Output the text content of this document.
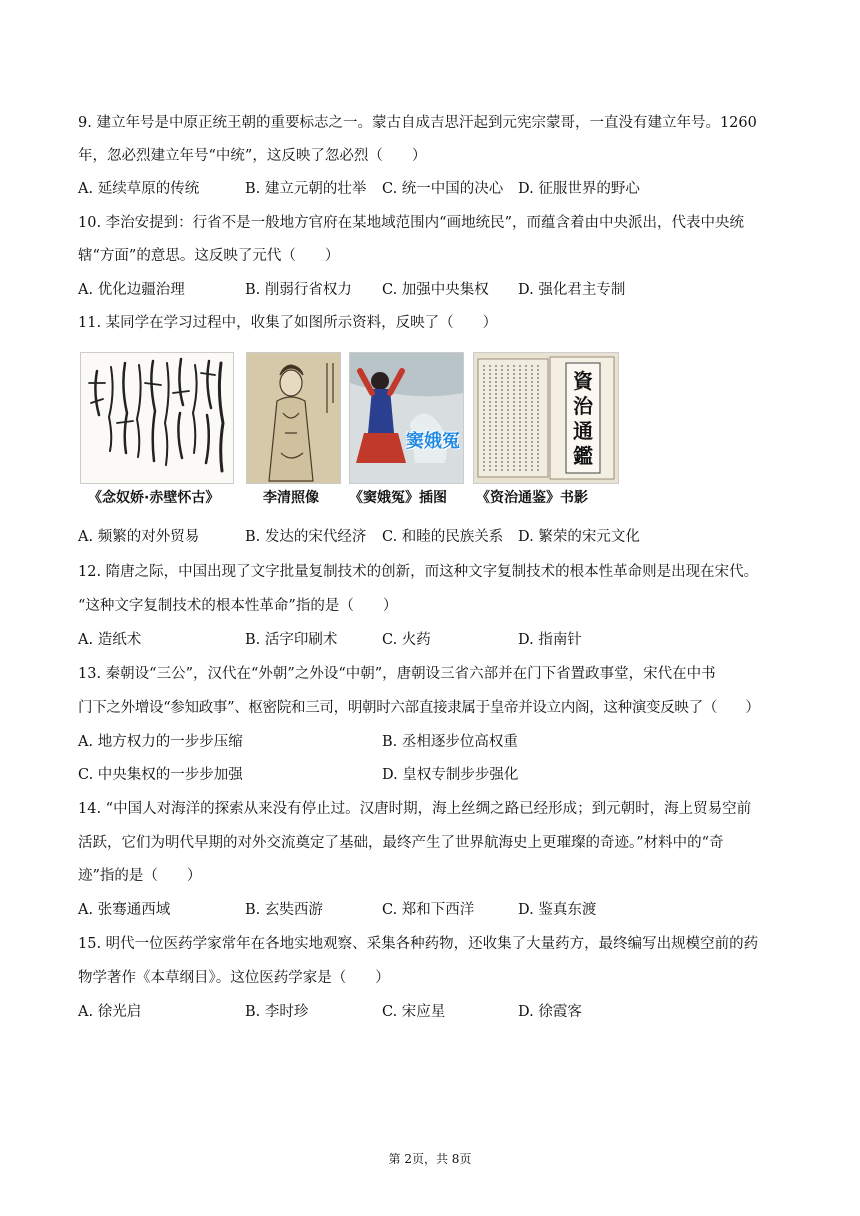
9. 建立年号是中原正统王朝的重要标志之一。蒙古自成吉思汗起到元宪宗蒙哥，一直没有建立年号。1260
年，忽必烈建立年号“中统”，这反映了忽必烈（　　）
A. 延续草原的传统	B. 建立元朝的壮举 C. 统一中国的决心 D. 征服世界的野心
10. 李治安提到：行省不是一般地方官府在某地域范围内“画地统民”，而蕴含着由中央派出，代表中央统
辖“方面”的意思。这反映了元代（　　）
A. 优化边疆治理	B. 削弱行省权力 C. 加强中央集权 D. 强化君主专制
11. 某同学在学习过程中，收集了如图所示资料，反映了（　　）
窦娥冤
資治通鑑
《念奴娇·赤壁怀古》	李清照像 《窦娥冤》插图 《资治通鉴》书影
A. 频繁的对外贸易	B. 发达的宋代经济 C. 和睦的民族关系 D. 繁荣的宋元文化
12. 隋唐之际，中国出现了文字批量复制技术的创新，而这种文字复制技术的根本性革命则是出现在宋代。
“这种文字复制技术的根本性革命”指的是（　　）
A. 造纸术	B. 活字印刷术	C. 火药	D. 指南针
13. 秦朝设“三公”，汉代在“外朝”之外设“中朝”，唐朝设三省六部并在门下省置政事堂，宋代在中书
门下之外增设“参知政事”、枢密院和三司，明朝时六部直接隶属于皇帝并设立内阁，这种演变反映了（　　）
A. 地方权力的一步步压缩	B. 丞相逐步位高权重
C. 中央集权的一步步加强	D. 皇权专制步步强化
14. “中国人对海洋的探索从来没有停止过。汉唐时期，海上丝绸之路已经形成；到元朝时，海上贸易空前
活跃，它们为明代早期的对外交流奠定了基础，最终产生了世界航海史上更璀璨的奇迹。”材料中的“奇
迹”指的是（　　）
A. 张骞通西域	B. 玄奘西游	C. 郑和下西洋	D. 鉴真东渡
15. 明代一位医药学家常年在各地实地观察、采集各种药物，还收集了大量药方，最终编写出规模空前的药
物学著作《本草纲目》。这位医药学家是（　　）
A. 徐光启	B. 李时珍	C. 宋应星	D. 徐霞客
第 2页，共 8页
